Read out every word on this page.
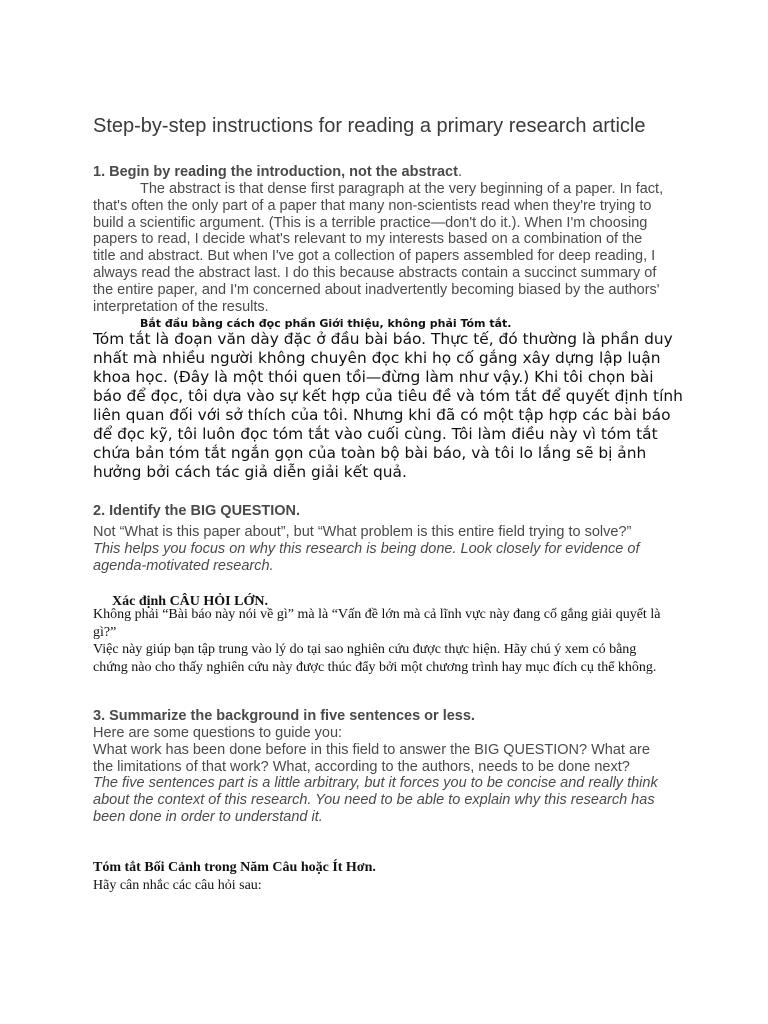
Step-by-step instructions for reading a primary research article
1. Begin by reading the introduction, not the abstract.
The abstract is that dense first paragraph at the very beginning of a paper. In fact, that's often the only part of a paper that many non-scientists read when they're trying to build a scientific argument. (This is a terrible practice—don't do it.). When I'm choosing papers to read, I decide what's relevant to my interests based on a combination of the title and abstract. But when I've got a collection of papers assembled for deep reading, I always read the abstract last. I do this because abstracts contain a succinct summary of the entire paper, and I'm concerned about inadvertently becoming biased by the authors' interpretation of the results.
Bắt đầu bằng cách đọc phần Giới thiệu, không phải Tóm tắt.
Tóm tắt là đoạn văn dày đặc ở đầu bài báo. Thực tế, đó thường là phần duy nhất mà nhiều người không chuyên đọc khi họ cố gắng xây dựng lập luận khoa học. (Đây là một thói quen tồi—đừng làm như vậy.) Khi tôi chọn bài báo để đọc, tôi dựa vào sự kết hợp của tiêu đề và tóm tắt để quyết định tính liên quan đối với sở thích của tôi. Nhưng khi đã có một tập hợp các bài báo để đọc kỹ, tôi luôn đọc tóm tắt vào cuối cùng. Tôi làm điều này vì tóm tắt chứa bản tóm tắt ngắn gọn của toàn bộ bài báo, và tôi lo lắng sẽ bị ảnh hưởng bởi cách tác giả diễn giải kết quả.
2. Identify the BIG QUESTION.
Not “What is this paper about”, but “What problem is this entire field trying to solve?”
This helps you focus on why this research is being done. Look closely for evidence of agenda-motivated research.
Xác định CÂU HỎI LỚN.
Không phải “Bài báo này nói về gì” mà là “Vấn đề lớn mà cả lĩnh vực này đang cố gắng giải quyết là gì?”
Việc này giúp bạn tập trung vào lý do tại sao nghiên cứu được thực hiện. Hãy chú ý xem có bằng chứng nào cho thấy nghiên cứu này được thúc đẩy bởi một chương trình hay mục đích cụ thể không.
3. Summarize the background in five sentences or less.
Here are some questions to guide you:
What work has been done before in this field to answer the BIG QUESTION? What are the limitations of that work? What, according to the authors, needs to be done next?
The five sentences part is a little arbitrary, but it forces you to be concise and really think about the context of this research. You need to be able to explain why this research has been done in order to understand it.
Tóm tắt Bối Cảnh trong Năm Câu hoặc Ít Hơn.
Hãy cân nhắc các câu hỏi sau:
